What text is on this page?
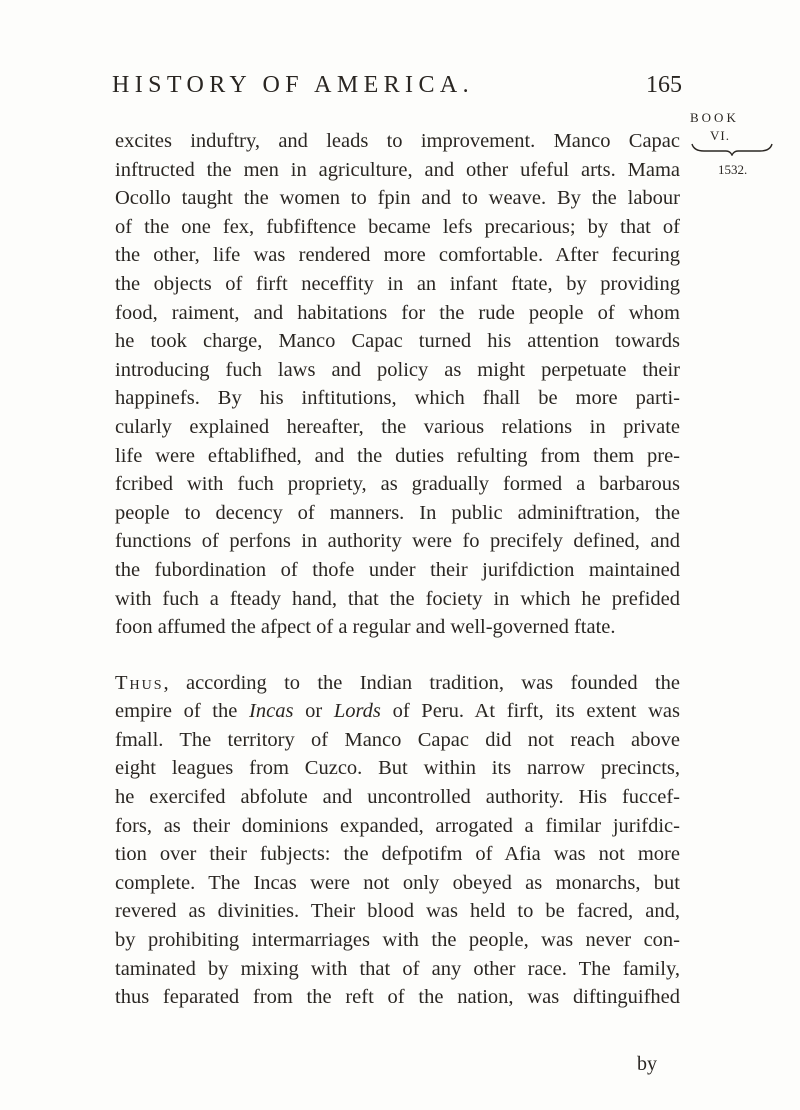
HISTORY OF AMERICA.	165
BOOK
VI.
1532.
excites induftry, and leads to improvement. Manco Capac
inftructed the men in agriculture, and other ufeful arts. Mama
Ocollo taught the women to fpin and to weave. By the labour
of the one fex, fubfiftence became lefs precarious; by that of
the other, life was rendered more comfortable. After fecuring
the objects of firft neceffity in an infant ftate, by providing
food, raiment, and habitations for the rude people of whom
he took charge, Manco Capac turned his attention towards
introducing fuch laws and policy as might perpetuate their
happinefs. By his inftitutions, which fhall be more parti-
cularly explained hereafter, the various relations in private
life were eftablifhed, and the duties refulting from them pre-
fcribed with fuch propriety, as gradually formed a barbarous
people to decency of manners. In public adminiftration, the
functions of perfons in authority were fo precifely defined, and
the fubordination of thofe under their jurifdiction maintained
with fuch a fteady hand, that the fociety in which he prefided
foon affumed the afpect of a regular and well-governed ftate.
Thus, according to the Indian tradition, was founded the
empire of the Incas or Lords of Peru. At firft, its extent was
fmall. The territory of Manco Capac did not reach above
eight leagues from Cuzco. But within its narrow precincts,
he exercifed abfolute and uncontrolled authority. His fuccef-
fors, as their dominions expanded, arrogated a fimilar jurifdic-
tion over their fubjects: the defpotifm of Afia was not more
complete. The Incas were not only obeyed as monarchs, but
revered as divinities. Their blood was held to be facred, and,
by prohibiting intermarriages with the people, was never con-
taminated by mixing with that of any other race. The family,
thus feparated from the reft of the nation, was diftinguifhed
by
